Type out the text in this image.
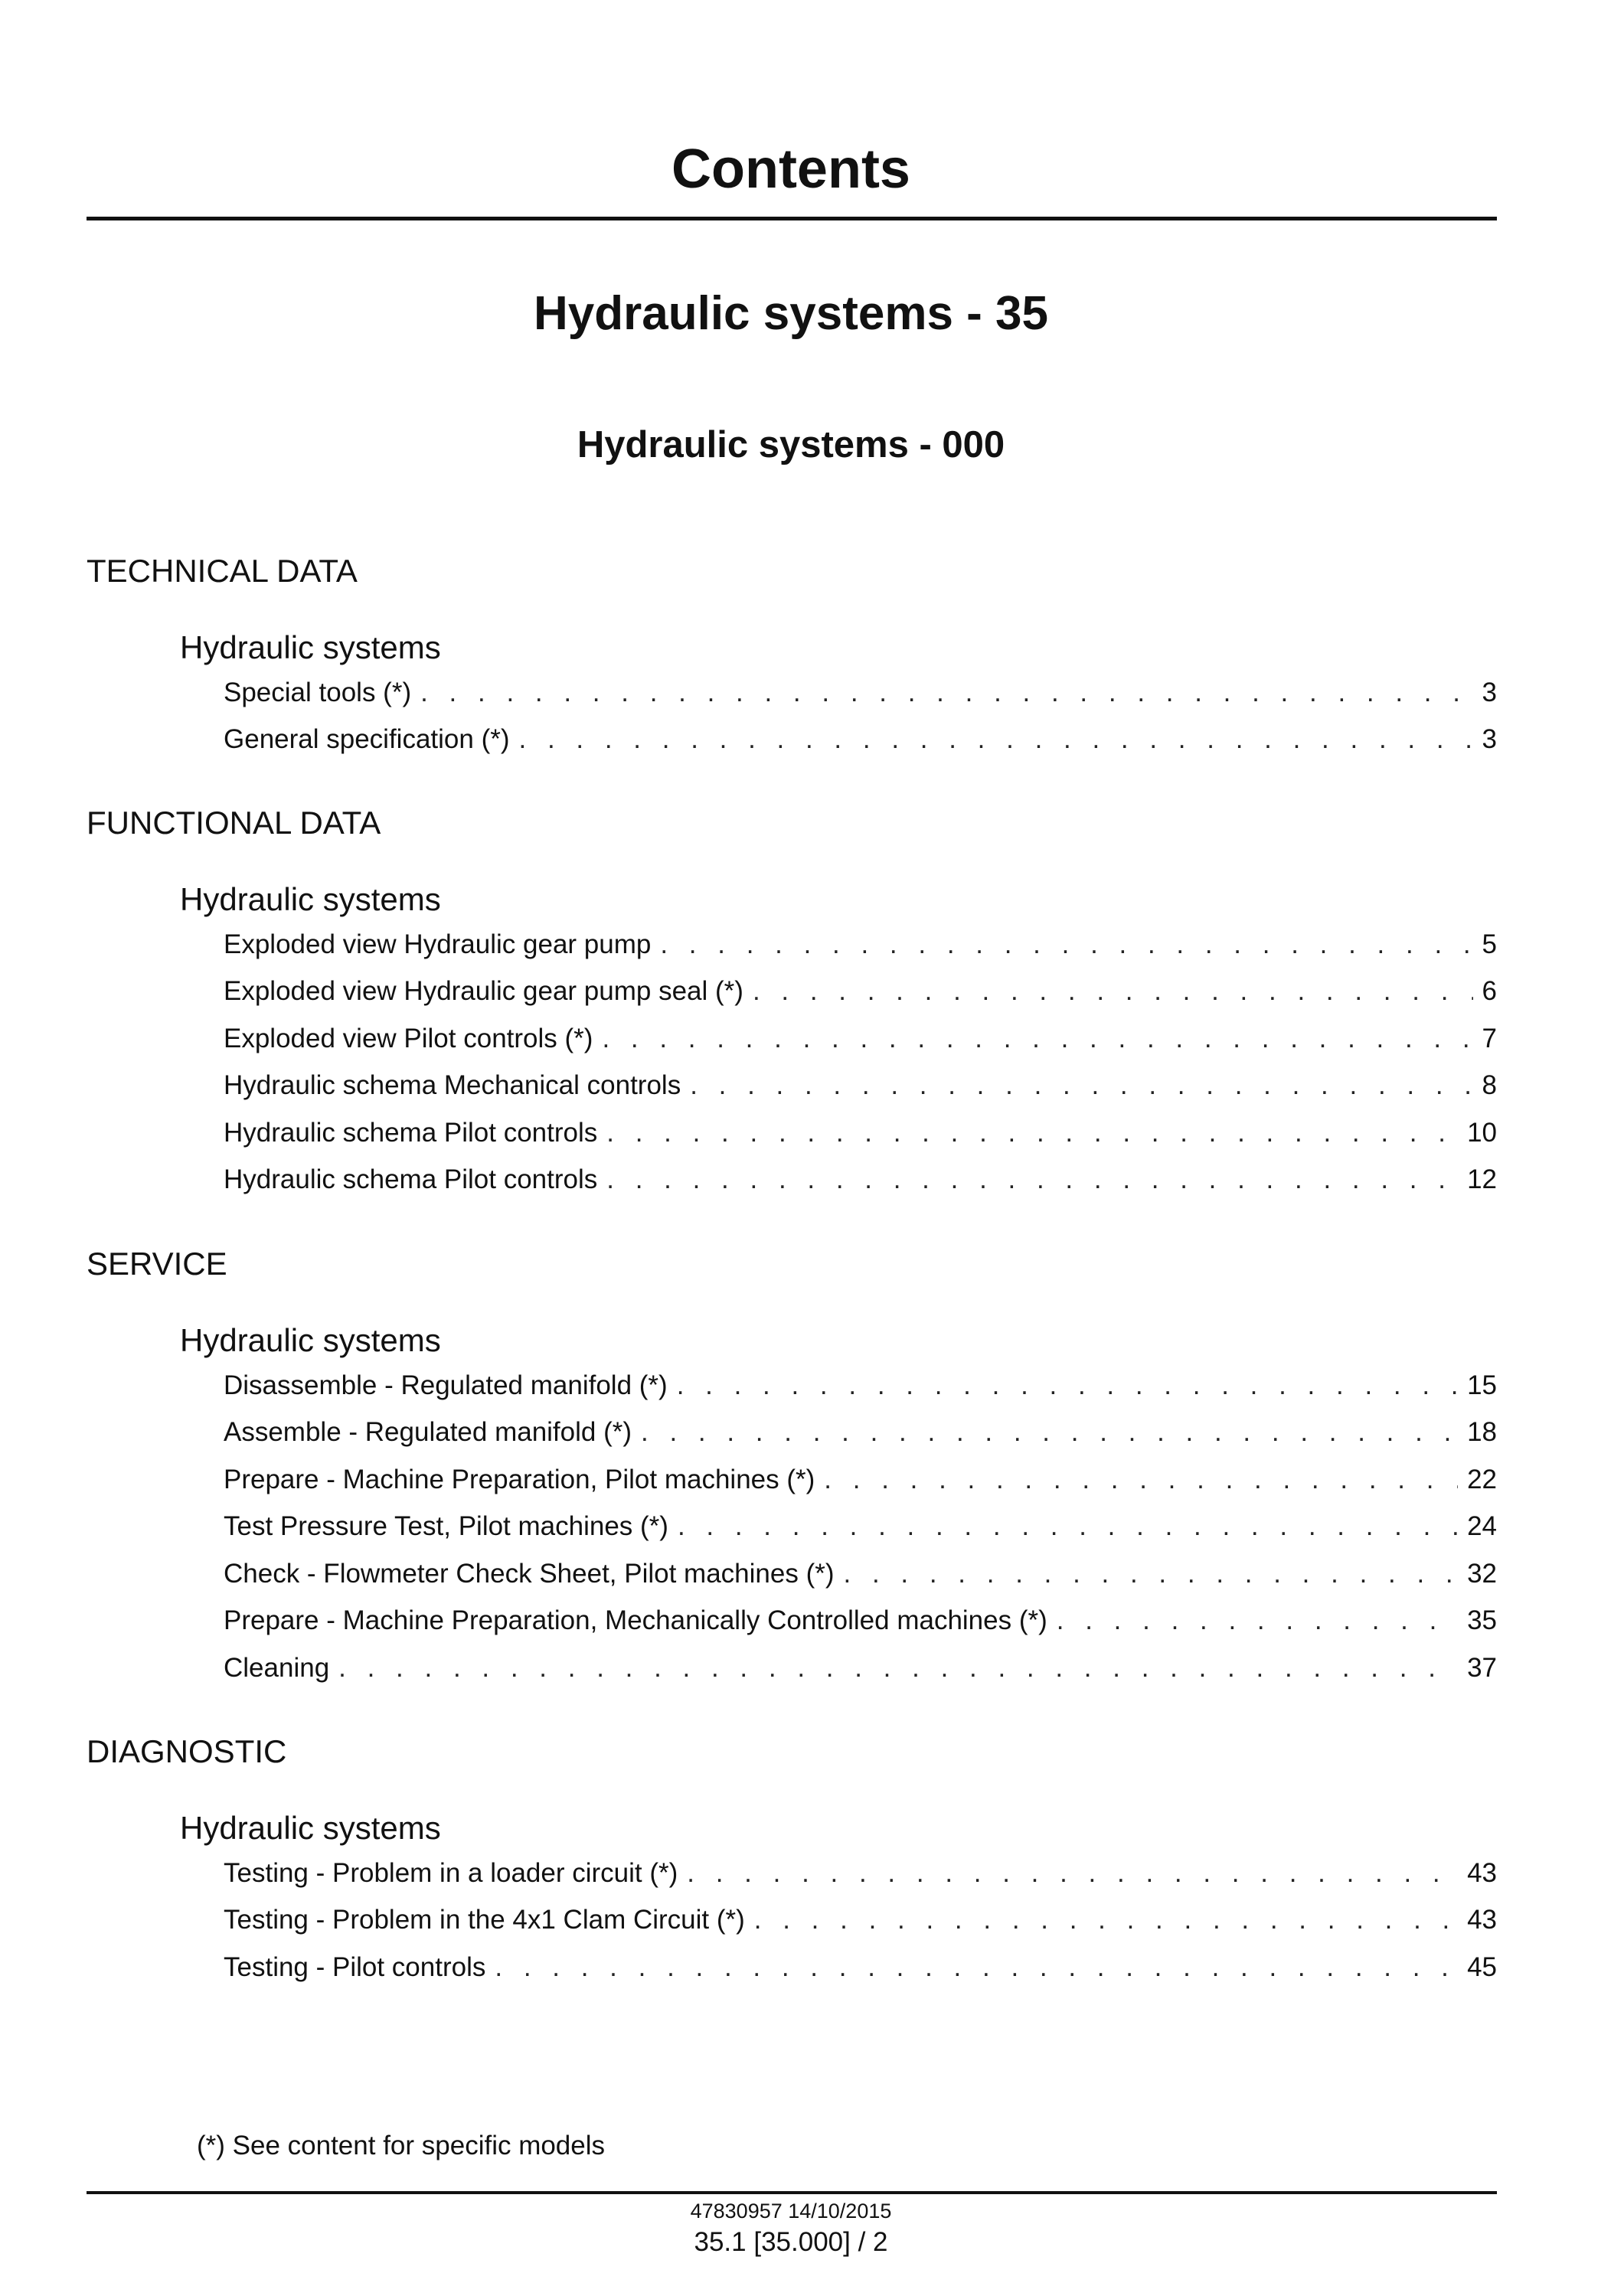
Contents
Hydraulic systems - 35
Hydraulic systems - 000
TECHNICAL DATA
Hydraulic systems
Special tools (*) . . .	3
General specification (*) . . .	3
FUNCTIONAL DATA
Hydraulic systems
Exploded view Hydraulic gear pump . . .	5
Exploded view Hydraulic gear pump seal (*) . . .	6
Exploded view Pilot controls (*) . . .	7
Hydraulic schema Mechanical controls . . .	8
Hydraulic schema Pilot controls . . .	10
Hydraulic schema Pilot controls . . .	12
SERVICE
Hydraulic systems
Disassemble - Regulated manifold (*) . . .	15
Assemble - Regulated manifold (*) . . .	18
Prepare - Machine Preparation, Pilot machines (*) . . .	22
Test Pressure Test, Pilot machines (*) . . .	24
Check - Flowmeter Check Sheet, Pilot machines (*) . . .	32
Prepare - Machine Preparation, Mechanically Controlled machines (*) . . .	35
Cleaning . . .	37
DIAGNOSTIC
Hydraulic systems
Testing - Problem in a loader circuit (*) . . .	43
Testing - Problem in the 4x1 Clam Circuit (*) . . .	43
Testing - Pilot controls . . .	45
(*) See content for specific models
47830957 14/10/2015
35.1 [35.000] / 2
